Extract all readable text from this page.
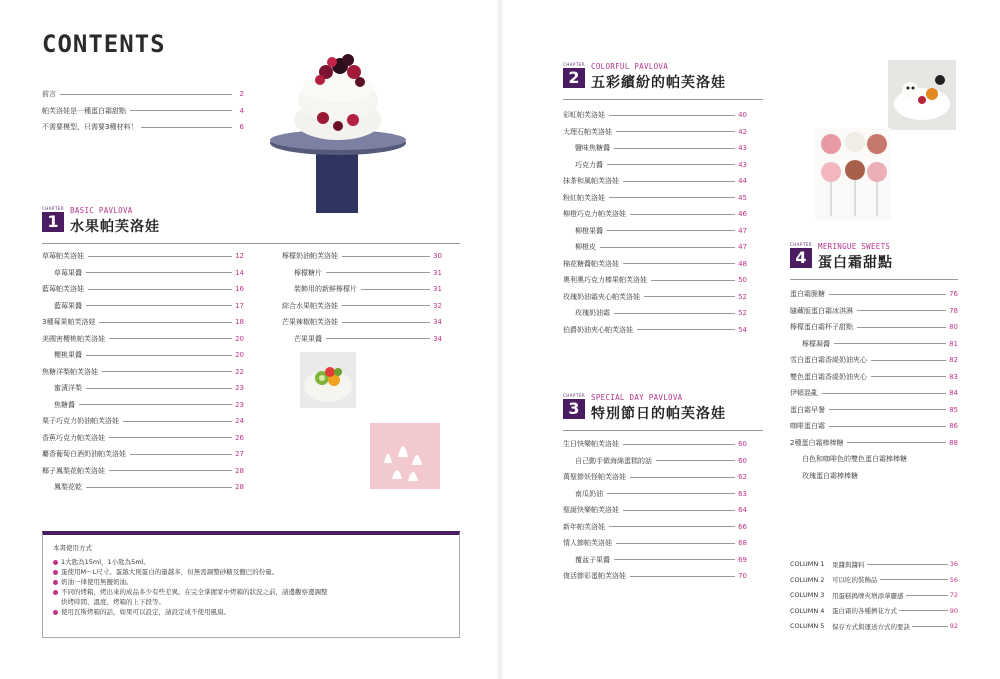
CONTENTS
前言	2
帕芙洛娃是一種蛋白霜甜點	4
不需要模型，只需要3種材料！	6
CHAPTER
1
BASIC PAVLOVA
水果帕芙洛娃
草莓帕芙洛娃	12
草莓果醬	14
藍莓帕芙洛娃	16
藍莓果醬	17
3種莓果帕芙洛娃	18
美國害櫻桃帕芙洛娃	20
櫻桃果醬	20
焦糖洋梨帕芙洛娃	22
蜜漬洋梨	23
焦糖醬	23
栗子巧克力奶油帕芙洛娃	24
香蕉巧克力帕芙洛娃	26
麝香葡萄白酒奶油帕芙洛娃	27
椰子鳳梨花帕芙洛娃	28
鳳梨花乾	28
檸檬奶油帕芙洛娃	30
檸檬糖片	31
裝飾用的新鮮檸檬片	31
綜合水果帕芙洛娃	32
芒果辣椒帕芙洛娃	34
芒果果醬	34
本書使用方式
1大匙為15ml，1小匙為5ml。
蛋使用M～L尺寸。蛋越大則蛋白的量越多，但無需調整砂糖及鹽巴的份量。
奶油一律使用無鹽奶油。
不同的烤箱，烤出來的成品多少有些差異。在完全掌握家中烤箱的狀況之前，請邊觀察邊調整
烘烤時間、溫度、烤箱的上下段等。
使用瓦斯烤箱的話，如果可以設定，請設定成不使用風扇。
CHAPTER
2
COLORFUL PAVLOVA
五彩繽紛的帕芙洛娃
彩虹帕芙洛娃	40
大理石帕芙洛娃	42
鹽味焦糖醬	43
巧克力醬	43
抹茶和風帕芙洛娃	44
粉紅帕芙洛娃	45
柳橙巧克力帕芙洛娃	46
柳橙果醬	47
柳橙皮	47
棉花糖醬帕芙洛娃	48
奧利奧巧克力榛果帕芙洛娃	50
玫瑰奶油霜夾心帕芙洛娃	52
玫瑰奶油霜	52
伯爵奶油夾心帕芙洛娃	54
CHAPTER
3
SPECIAL DAY PAVLOVA
特別節日的帕芙洛娃
生日快樂帕芙洛娃	60
自己動手做海綿蛋糕的話	60
萬聖節妖怪帕芙洛娃	62
南瓜奶油	63
聖誕快樂帕芙洛娃	64
新年帕芙洛娃	66
情人節帕芙洛娃	68
覆盆子果醬	69
復活節彩蛋帕芙洛娃	70
CHAPTER
4
MERINGUE SWEETS
蛋白霜甜點
蛋白霜脆糖	76
隨藏版蛋白霜冰淇淋	78
檸檬蛋白霜杯子甜點	80
檸檬凝醬	81
雪白蛋白霜香緹奶油夾心	82
雙色蛋白霜香緹奶油夾心	83
伊頓混亂	84
蛋白霜早餐	85
咖啡蛋白霜	86
2種蛋白霜棒棒糖	88
白色和咖啡色的雙色蛋白霜棒棒糖
玫瑰蛋白霜棒棒糖
COLUMN 1	果醬與醬料	36
COLUMN 2	可以吃的裝飾品	56
COLUMN 3	用蛋糕搗牌夾增添華麗感	72
COLUMN 4	蛋白霜的各種擠花方式	90
COLUMN 5	保存方式與運送方式的要訣	92
